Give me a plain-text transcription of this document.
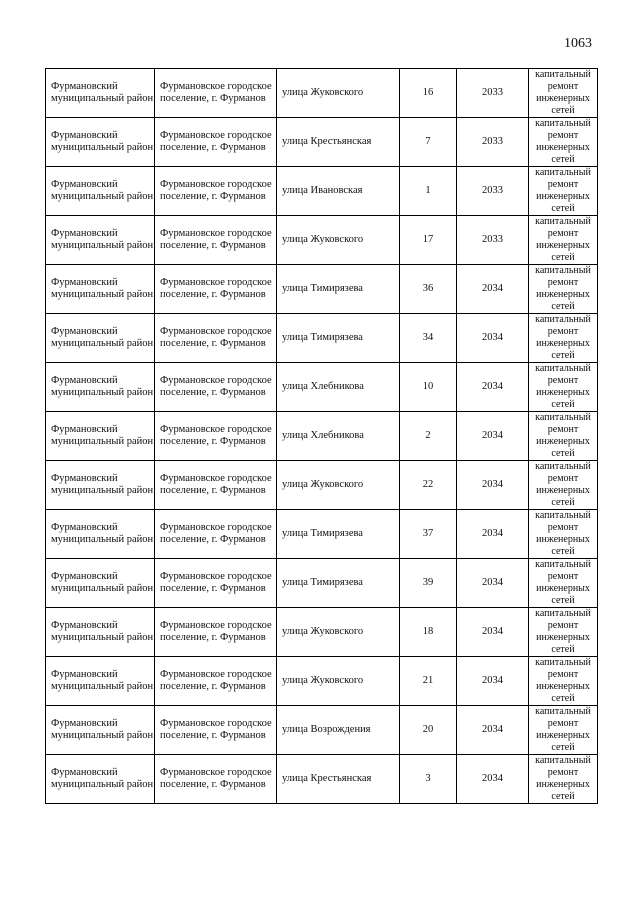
1063
Фурмановский муниципальный район	Фурмановское городское поселение, г. Фурманов	улица Жуковского	16	2033	капитальный ремонт инженерных сетей
Фурмановский муниципальный район	Фурмановское городское поселение, г. Фурманов	улица Крестьянская	7	2033	капитальный ремонт инженерных сетей
Фурмановский муниципальный район	Фурмановское городское поселение, г. Фурманов	улица Ивановская	1	2033	капитальный ремонт инженерных сетей
Фурмановский муниципальный район	Фурмановское городское поселение, г. Фурманов	улица Жуковского	17	2033	капитальный ремонт инженерных сетей
Фурмановский муниципальный район	Фурмановское городское поселение, г. Фурманов	улица Тимирязева	36	2034	капитальный ремонт инженерных сетей
Фурмановский муниципальный район	Фурмановское городское поселение, г. Фурманов	улица Тимирязева	34	2034	капитальный ремонт инженерных сетей
Фурмановский муниципальный район	Фурмановское городское поселение, г. Фурманов	улица Хлебникова	10	2034	капитальный ремонт инженерных сетей
Фурмановский муниципальный район	Фурмановское городское поселение, г. Фурманов	улица Хлебникова	2	2034	капитальный ремонт инженерных сетей
Фурмановский муниципальный район	Фурмановское городское поселение, г. Фурманов	улица Жуковского	22	2034	капитальный ремонт инженерных сетей
Фурмановский муниципальный район	Фурмановское городское поселение, г. Фурманов	улица Тимирязева	37	2034	капитальный ремонт инженерных сетей
Фурмановский муниципальный район	Фурмановское городское поселение, г. Фурманов	улица Тимирязева	39	2034	капитальный ремонт инженерных сетей
Фурмановский муниципальный район	Фурмановское городское поселение, г. Фурманов	улица Жуковского	18	2034	капитальный ремонт инженерных сетей
Фурмановский муниципальный район	Фурмановское городское поселение, г. Фурманов	улица Жуковского	21	2034	капитальный ремонт инженерных сетей
Фурмановский муниципальный район	Фурмановское городское поселение, г. Фурманов	улица Возрождения	20	2034	капитальный ремонт инженерных сетей
Фурмановский муниципальный район	Фурмановское городское поселение, г. Фурманов	улица Крестьянская	3	2034	капитальный ремонт инженерных сетей
